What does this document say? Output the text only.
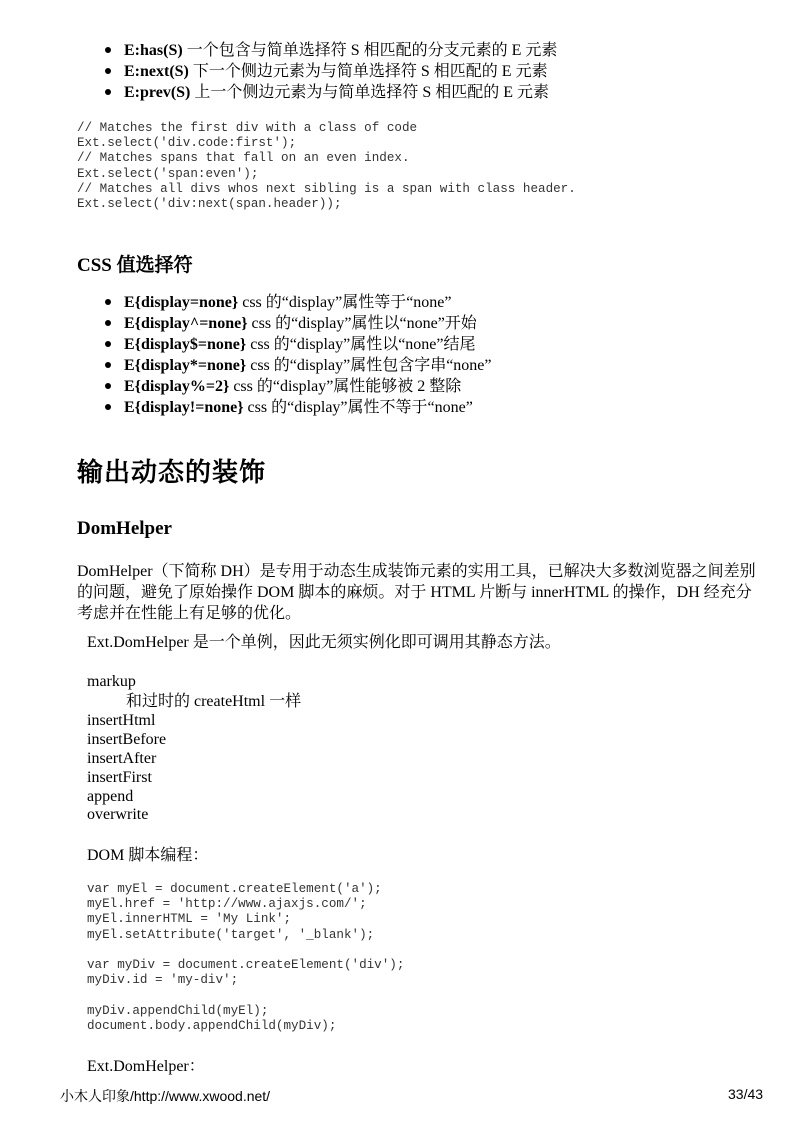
E:has(S) 一个包含与简单选择符 S 相匹配的分支元素的 E 元素
E:next(S) 下一个侧边元素为与简单选择符 S 相匹配的 E 元素
E:prev(S) 上一个侧边元素为与简单选择符 S 相匹配的 E 元素
// Matches the first div with a class of code
Ext.select('div.code:first');
// Matches spans that fall on an even index.
Ext.select('span:even');
// Matches all divs whos next sibling is a span with class header.
Ext.select('div:next(span.header));
CSS 值选择符
E{display=none} css 的“display”属性等于“none”
E{display^=none} css 的“display”属性以“none”开始
E{display$=none} css 的“display”属性以“none”结尾
E{display*=none} css 的“display”属性包含字串“none”
E{display%=2} css 的“display”属性能够被 2 整除
E{display!=none} css 的“display”属性不等于“none”
输出动态的装饰
DomHelper
DomHelper（下简称 DH）是专用于动态生成装饰元素的实用工具，已解决大多数浏览器之间差别的问题，避免了原始操作 DOM 脚本的麻烦。对于 HTML 片断与 innerHTML 的操作，DH 经充分考虑并在性能上有足够的优化。
Ext.DomHelper 是一个单例，因此无须实例化即可调用其静态方法。
markup
和过时的 createHtml 一样
insertHtml
insertBefore
insertAfter
insertFirst
append
overwrite
DOM 脚本编程：
var myEl = document.createElement('a');
myEl.href = 'http://www.ajaxjs.com/';
myEl.innerHTML = 'My Link';
myEl.setAttribute('target', '_blank');

var myDiv = document.createElement('div');
myDiv.id = 'my-div';

myDiv.appendChild(myEl);
document.body.appendChild(myDiv);
Ext.DomHelper：
小木人印象/http://www.xwood.net/	33/43
